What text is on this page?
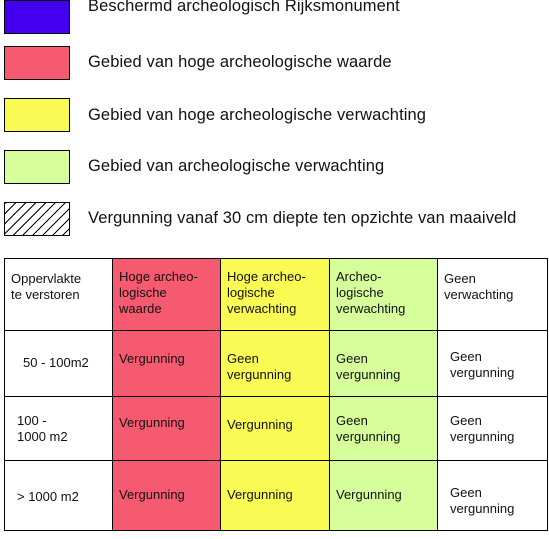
Beschermd archeologisch Rijksmonument
Gebied van hoge archeologische waarde
Gebied van hoge archeologische verwachting
Gebied van archeologische verwachting
Vergunning vanaf 30 cm diepte ten opzichte van maaiveld
Oppervlakte
te verstoren	Hoge archeo-
logische
waarde	Hoge archeo-
logische
verwachting	Archeo-
logische
verwachting	Geen
verwachting

50 - 100m2	Vergunning	Geen
vergunning	Geen
vergunning	Geen
vergunning

100 -
1000 m2	Vergunning	Vergunning	Geen
vergunning	Geen
vergunning

> 1000 m2	Vergunning	Vergunning	Vergunning	Geen
vergunning
